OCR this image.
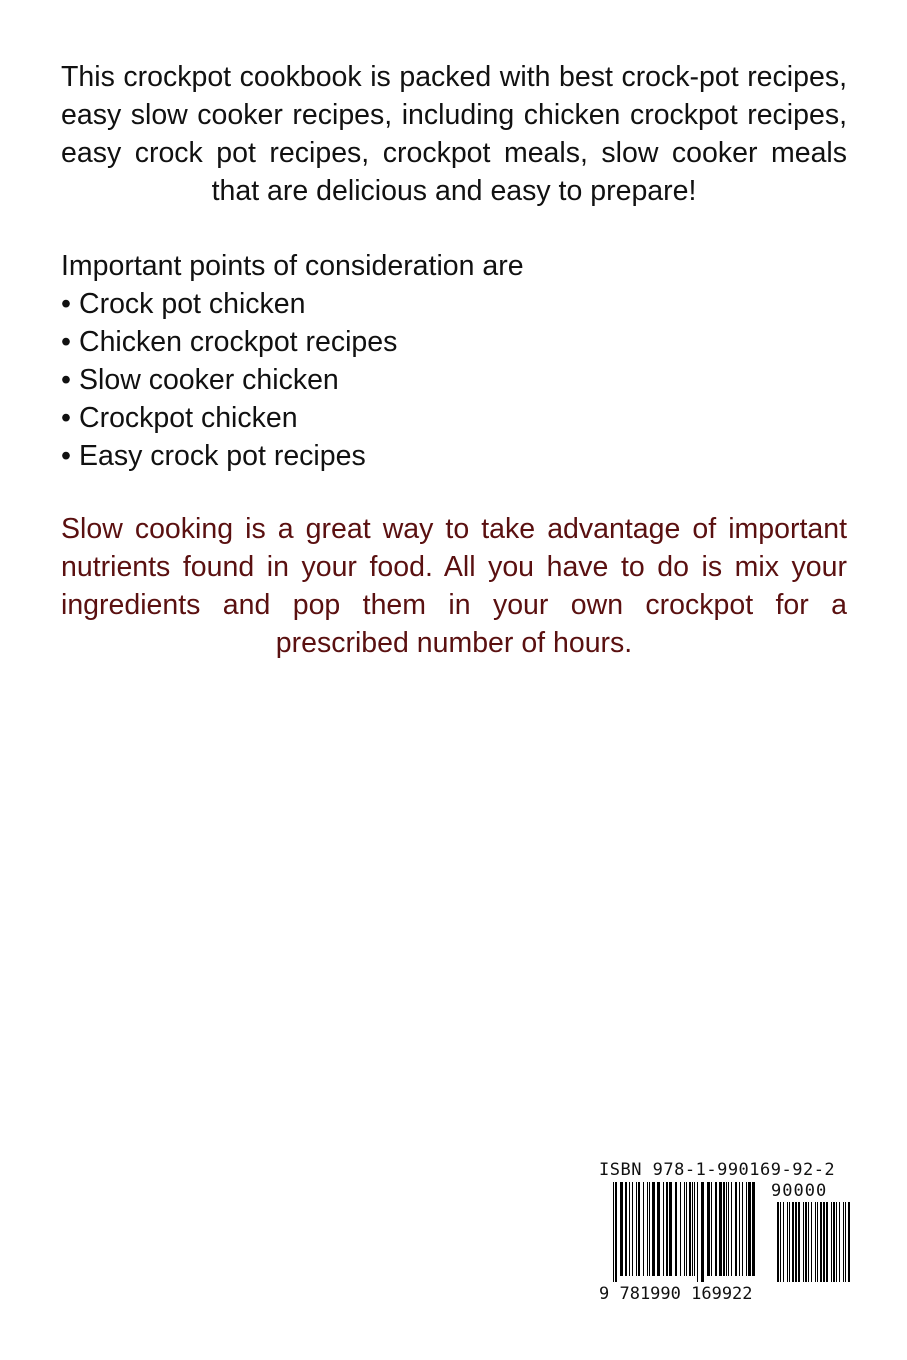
This crockpot cookbook is packed with best crock-pot recipes, easy slow cooker recipes, including chicken crockpot recipes, easy crock pot recipes, crockpot meals, slow cooker meals that are delicious and easy to prepare!

Important points of consideration are

• Crock pot chicken
• Chicken crockpot recipes
• Slow cooker chicken
• Crockpot chicken
• Easy crock pot recipes

Slow cooking is a great way to take advantage of important nutrients found in your food. All you have to do is mix your ingredients and pop them in your own crockpot for a prescribed number of hours.

ISBN 978-1-990169-92-2
90000
9 781990 169922
